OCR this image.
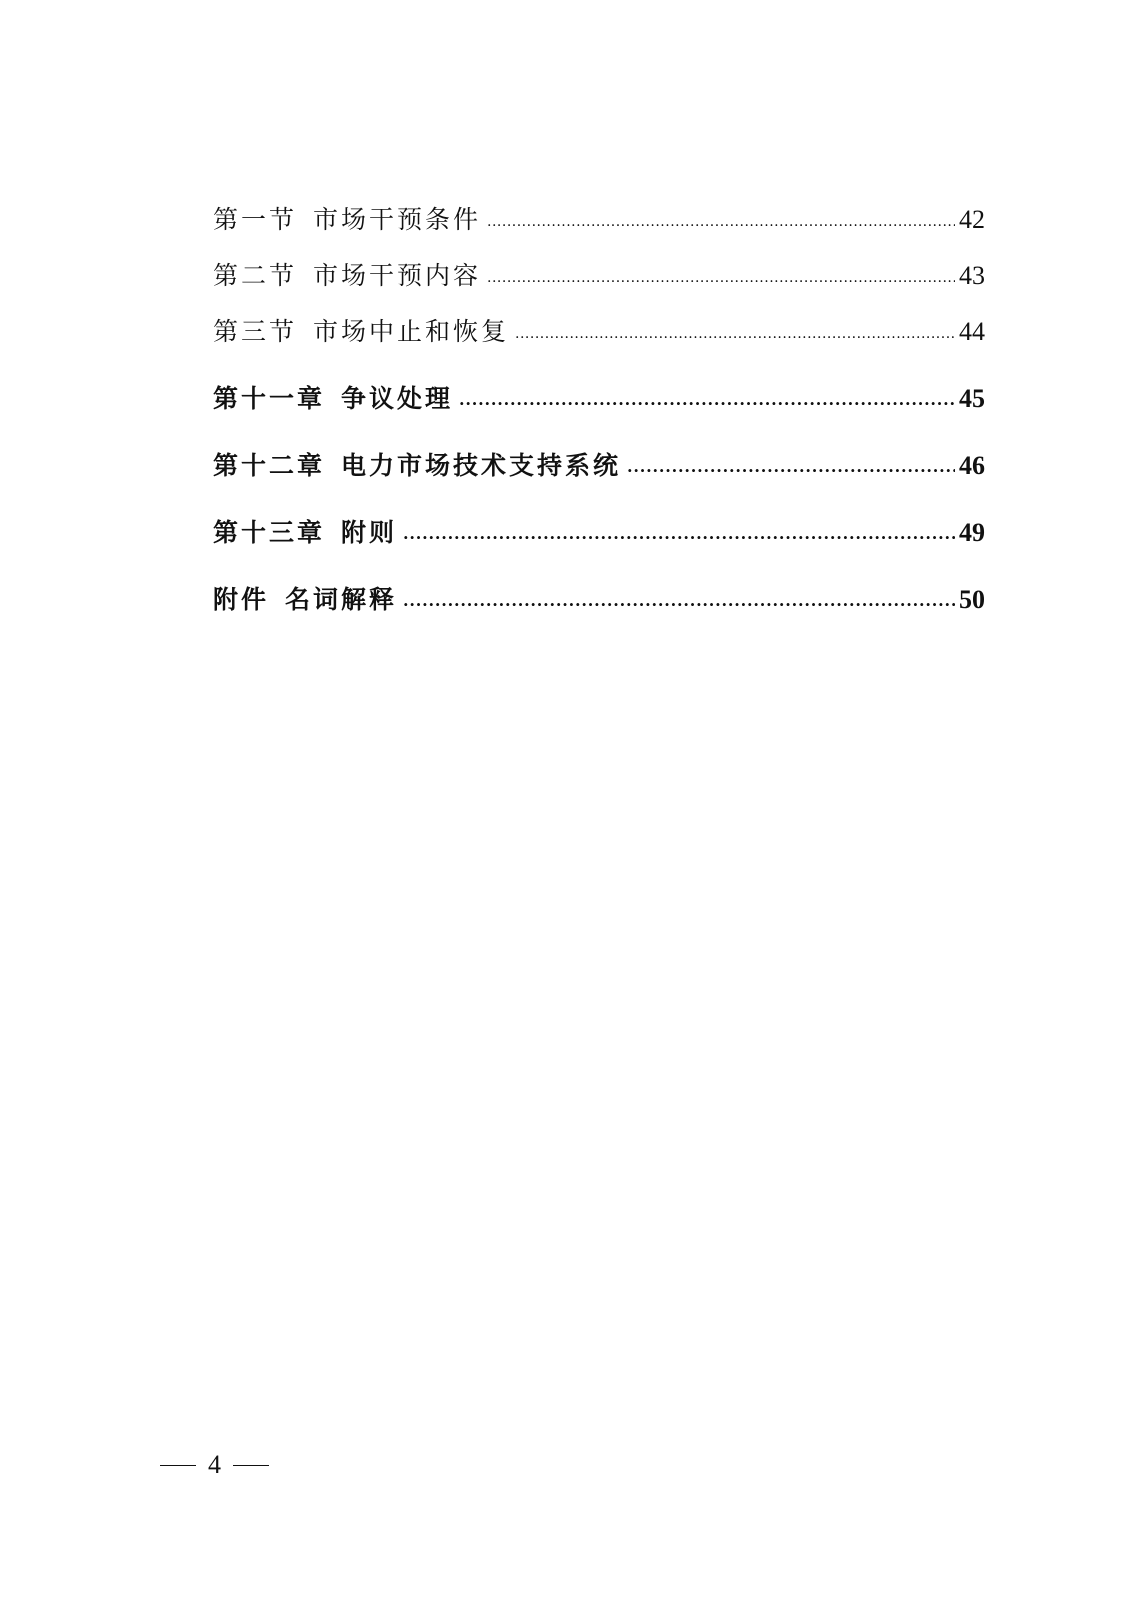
第一节 市场干预条件 .....	42
第二节 市场干预内容 .....	43
第三节 市场中止和恢复 .....	44
第十一章 争议处理 .....	45
第十二章 电力市场技术支持系统 .....	46
第十三章 附则 .....	49
附件 名词解释 .....	50
4
